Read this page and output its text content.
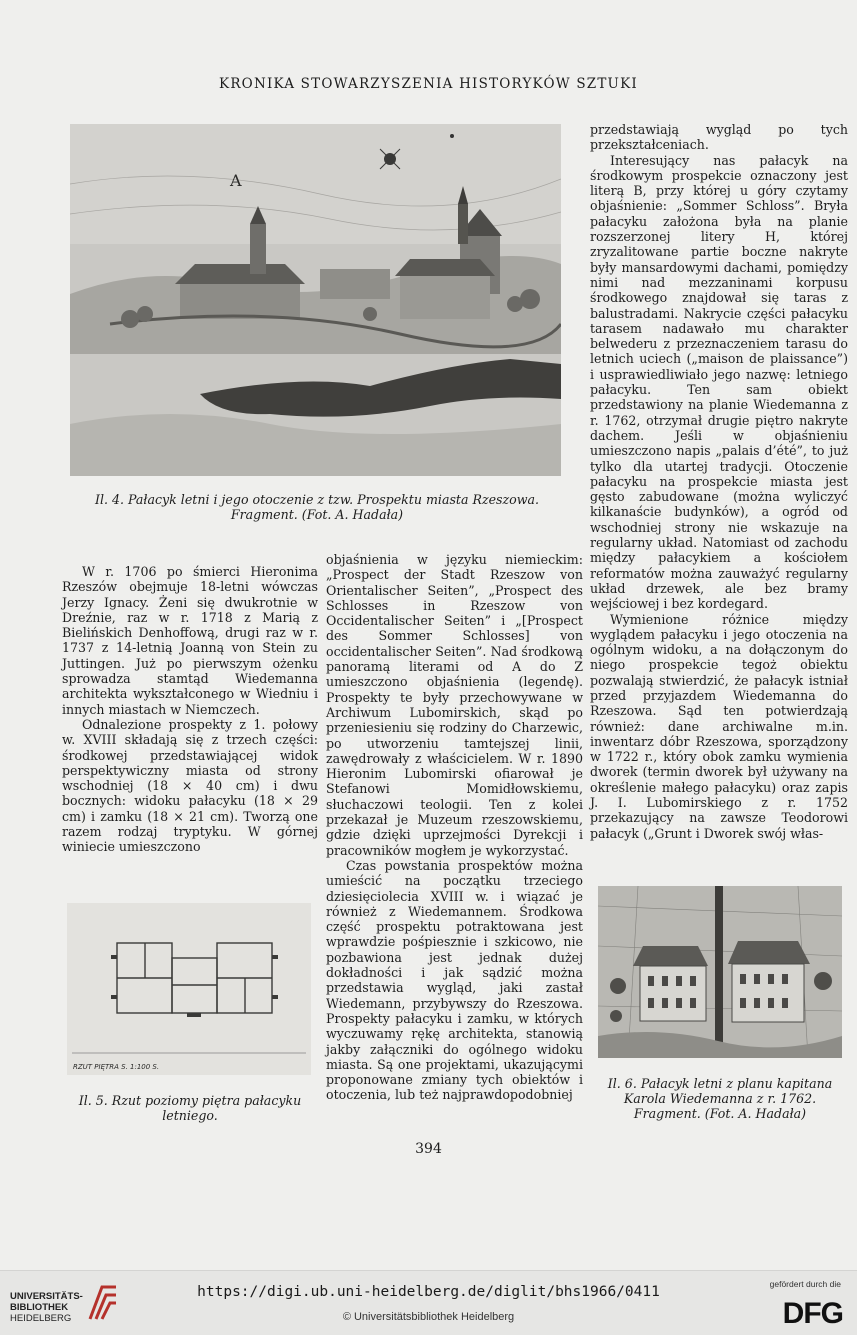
KRONIKA STOWARZYSZENIA HISTORYKÓW SZTUKI
A
Il. 4. Pałacyk letni i jego otoczenie z tzw. Prospektu miasta Rzeszowa. Fragment. (Fot. A. Hadała)

przedstawiają wygląd po tych przekształceniach.

Interesujący nas pałacyk na środkowym prospekcie oznaczony jest literą B, przy której u góry czytamy objaśnienie: „Sommer Schloss”. Bryła pałacyku założona była na planie rozszerzonej litery H, której zryzalitowane partie boczne nakryte były mansardowymi dachami, pomiędzy nimi nad mezzaninami korpusu środkowego znajdował się taras z balustradami. Nakrycie części pałacyku tarasem nadawało mu charakter belwederu z przeznaczeniem tarasu do letnich uciech („maison de plaissance”) i usprawiedliwiało jego nazwę: letniego pałacyku. Ten sam obiekt przedstawiony na planie Wiedemanna z r. 1762, otrzymał drugie piętro nakryte dachem. Jeśli w objaśnieniu umieszczono napis „palais d’été”, to już tylko dla utartej tradycji. Otoczenie pałacyku na prospekcie miasta jest gęsto zabudowane (można wyliczyć kilkanaście budynków), a ogród od wschodniej strony nie wskazuje na regularny układ. Natomiast od zachodu między pałacykiem a kościołem reformatów można zauważyć regularny układ drzewek, ale bez bramy wejściowej i bez kordegard.

Wymienione różnice między wyglądem pałacyku i jego otoczenia na ogólnym widoku, a na dołączonym do niego prospekcie tegoż obiektu pozwalają stwierdzić, że pałacyk istniał przed przyjazdem Wiedemanna do Rzeszowa. Sąd ten potwierdzają również: dane archiwalne m.in. inwentarz dóbr Rzeszowa, sporządzony w 1722 r., który obok zamku wymienia dworek (termin dworek był używany na określenie małego pałacyku) oraz zapis J. I. Lubomirskiego z r. 1752 przekazujący na zawsze Teodorowi pałacyk („Grunt i Dworek swój włas-

W r. 1706 po śmierci Hieronima Rzeszów obejmuje 18-letni wówczas Jerzy Ignacy. Żeni się dwukrotnie w Dreźnie, raz w r. 1718 z Marią z Bielińskich Denhoffową, drugi raz w r. 1737 z 14-letnią Joanną von Stein zu Juttingen. Już po pierwszym ożenku sprowadza stamtąd Wiedemanna architekta wykształconego w Wiedniu i innych miastach w Niemczech.

Odnalezione prospekty z 1. połowy w. XVIII składają się z trzech części: środkowej przedstawiającej widok perspektywiczny miasta od strony wschodniej (18 × 40 cm) i dwu bocznych: widoku pałacyku (18 × 29 cm) i zamku (18 × 21 cm). Tworzą one razem rodzaj tryptyku. W górnej winiecie umieszczono

objaśnienia w języku niemieckim: „Prospect der Stadt Rzeszow von Orientalischer Seiten”, „Prospect des Schlosses in Rzeszow von Occidentalischer Seiten” i „[Prospect des Sommer Schlosses] von occidentalischer Seiten”. Nad środkową panoramą literami od A do Z umieszczono objaśnienia (legendę). Prospekty te były przechowywane w Archiwum Lubomirskich, skąd po przeniesieniu się rodziny do Charzewic, po utworzeniu tamtejszej linii, zawędrowały z właścicielem. W r. 1890 Hieronim Lubomirski ofiarował je Stefanowi Momidłowskiemu, słuchaczowi teologii. Ten z kolei przekazał je Muzeum rzeszowskiemu, gdzie dzięki uprzejmości Dyrekcji i pracowników mogłem je wykorzystać.

Czas powstania prospektów można umieścić na początku trzeciego dziesięciolecia XVIII w. i wiązać je również z Wiedemannem. Środkowa część prospektu potraktowana jest wprawdzie pośpiesznie i szkicowo, nie pozbawiona jest jednak dużej dokładności i jak sądzić można przedstawia wygląd, jaki zastał Wiedemann, przybywszy do Rzeszowa. Prospekty pałacyku i zamku, w których wyczuwamy rękę architekta, stanowią jakby załączniki do ogólnego widoku miasta. Są one projektami, ukazującymi proponowane zmiany tych obiektów i otoczenia, lub też najprawdopodobniej

RZUT PIĘTRA S. 1:100 S.
Il. 5. Rzut poziomy piętra pałacyku letniego.
Il. 6. Pałacyk letni z planu kapitana Karola Wiedemanna z r. 1762. Fragment. (Fot. A. Hadała)
394
UNIVERSITÄTS-
BIBLIOTHEK
HEIDELBERG
https://digi.ub.uni-heidelberg.de/diglit/bhs1966/0411
© Universitätsbibliothek Heidelberg
gefördert durch die
DFG
